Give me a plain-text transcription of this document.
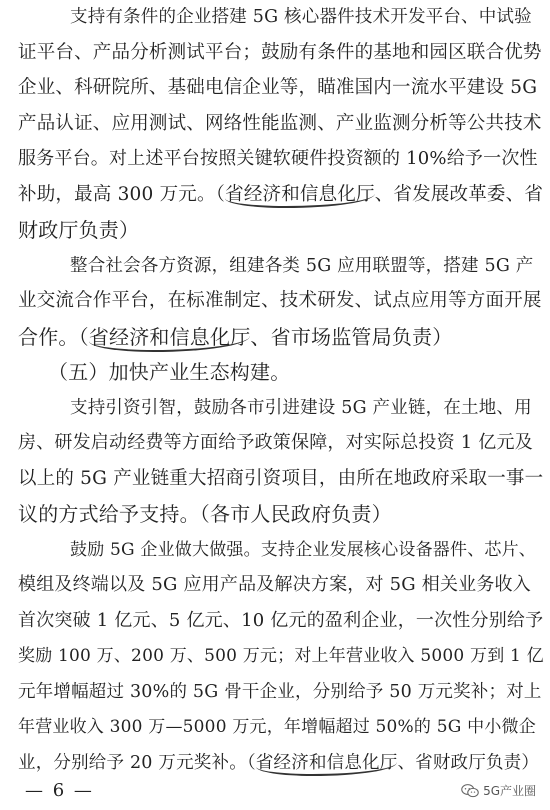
支持有条件的企业搭建 5G 核心器件技术开发平台、中试验
证平台、产品分析测试平台；鼓励有条件的基地和园区联合优势
企业、科研院所、基础电信企业等，瞄准国内一流水平建设 5G
产品认证、应用测试、网络性能监测、产业监测分析等公共技术
服务平台。对上述平台按照关键软硬件投资额的 10%给予一次性
补助，最高 300 万元。（省经济和信息化厅、省发展改革委、省
财政厅负责）
整合社会各方资源，组建各类 5G 应用联盟等，搭建 5G 产
业交流合作平台，在标准制定、技术研发、试点应用等方面开展
合作。（省经济和信息化厅、省市场监管局负责）
（五）加快产业生态构建。
支持引资引智，鼓励各市引进建设 5G 产业链，在土地、用
房、研发启动经费等方面给予政策保障，对实际总投资 1 亿元及
以上的 5G 产业链重大招商引资项目，由所在地政府采取一事一
议的方式给予支持。（各市人民政府负责）
鼓励 5G 企业做大做强。支持企业发展核心设备器件、芯片、
模组及终端以及 5G 应用产品及解决方案，对 5G 相关业务收入
首次突破 1 亿元、5 亿元、10 亿元的盈利企业，一次性分别给予
奖励 100 万、200 万、500 万元；对上年营业收入 5000 万到 1 亿
元年增幅超过 30%的 5G 骨干企业，分别给予 50 万元奖补；对上
年营业收入 300 万—5000 万元，年增幅超过 50%的 5G 中小微企
业，分别给予 20 万元奖补。（省经济和信息化厅、省财政厅负责）
— 6 —	5G产业圈
